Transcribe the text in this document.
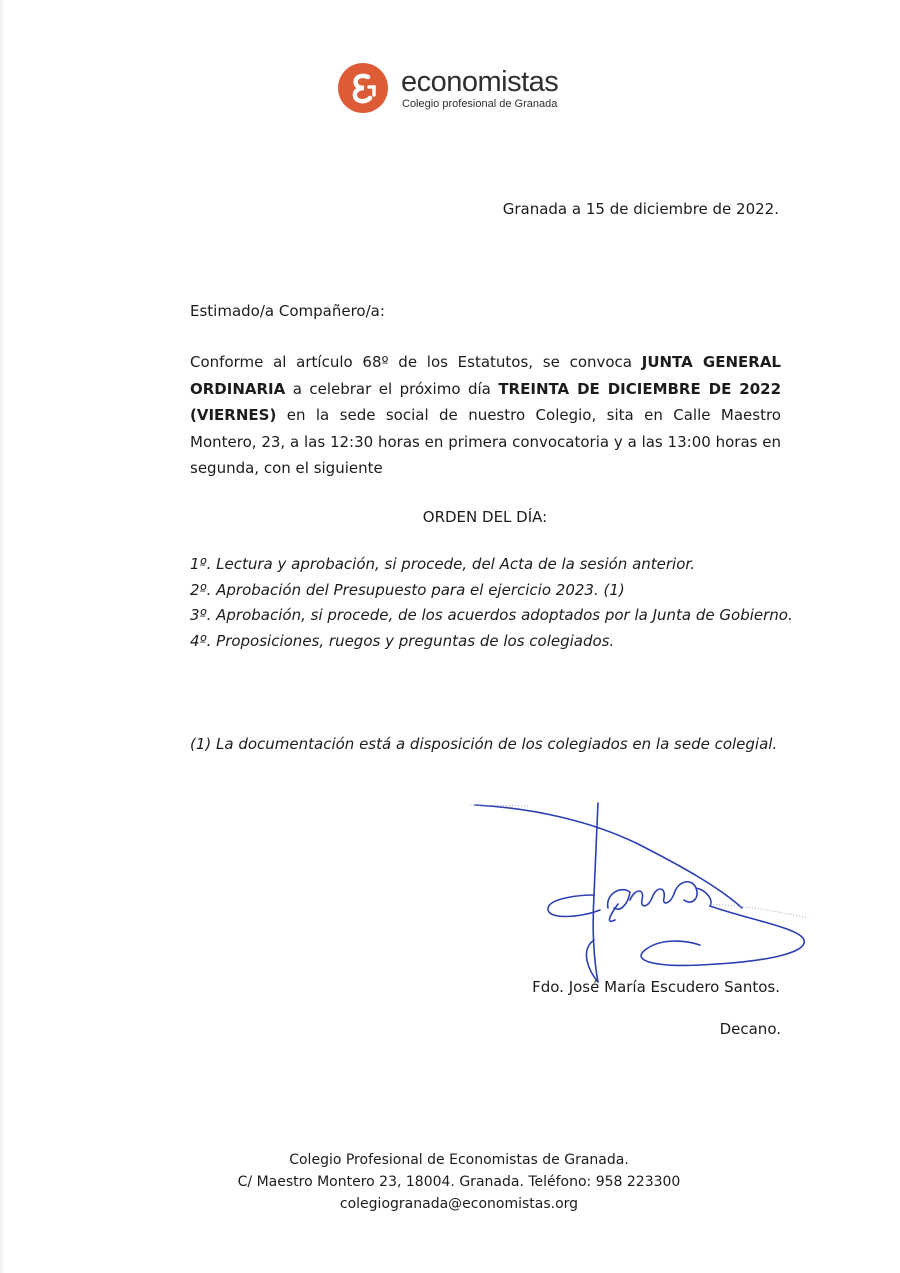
economistas
Colegio profesional de Granada
Granada a 15 de diciembre de 2022.
Estimado/a Compañero/a:
Conforme al artículo 68º de los Estatutos, se convoca JUNTA GENERAL ORDINARIA a celebrar el próximo día TREINTA DE DICIEMBRE DE 2022 (VIERNES) en la sede social de nuestro Colegio, sita en Calle Maestro Montero, 23, a las 12:30 horas en primera convocatoria y a las 13:00 horas en segunda, con el siguiente
ORDEN DEL DÍA:
1º. Lectura y aprobación, si procede, del Acta de la sesión anterior.
2º. Aprobación del Presupuesto para el ejercicio 2023. (1)
3º. Aprobación, si procede, de los acuerdos adoptados por la Junta de Gobierno.
4º. Proposiciones, ruegos y preguntas de los colegiados.
(1) La documentación está a disposición de los colegiados en la sede colegial.
Fdo. José María Escudero Santos.
Decano.
Colegio Profesional de Economistas de Granada.
C/ Maestro Montero 23, 18004. Granada. Teléfono: 958 223300
colegiogranada@economistas.org
